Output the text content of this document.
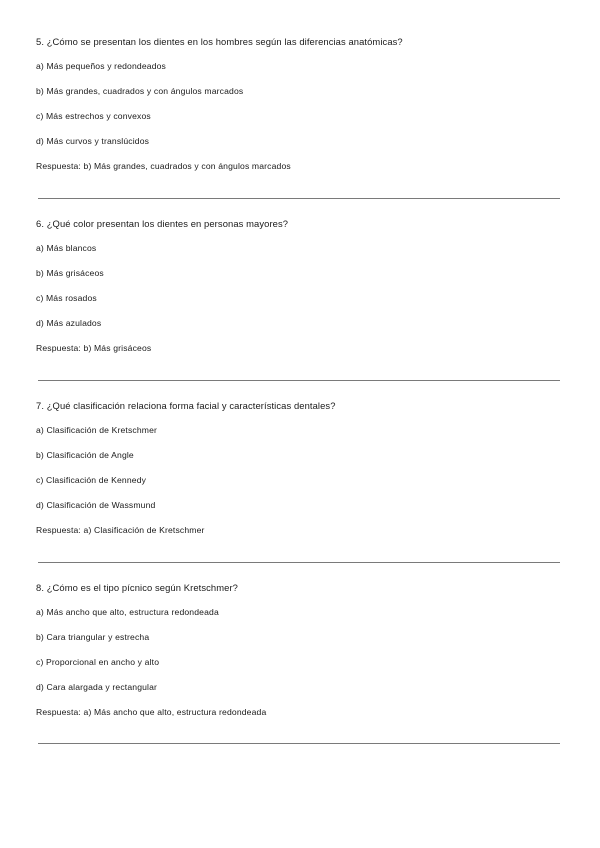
5. ¿Cómo se presentan los dientes en los hombres según las diferencias anatómicas?
a) Más pequeños y redondeados
b) Más grandes, cuadrados y con ángulos marcados
c) Más estrechos y convexos
d) Más curvos y translúcidos
Respuesta: b) Más grandes, cuadrados y con ángulos marcados
6. ¿Qué color presentan los dientes en personas mayores?
a) Más blancos
b) Más grisáceos
c) Más rosados
d) Más azulados
Respuesta: b) Más grisáceos
7. ¿Qué clasificación relaciona forma facial y características dentales?
a) Clasificación de Kretschmer
b) Clasificación de Angle
c) Clasificación de Kennedy
d) Clasificación de Wassmund
Respuesta: a) Clasificación de Kretschmer
8. ¿Cómo es el tipo pícnico según Kretschmer?
a) Más ancho que alto, estructura redondeada
b) Cara triangular y estrecha
c) Proporcional en ancho y alto
d) Cara alargada y rectangular
Respuesta: a) Más ancho que alto, estructura redondeada
